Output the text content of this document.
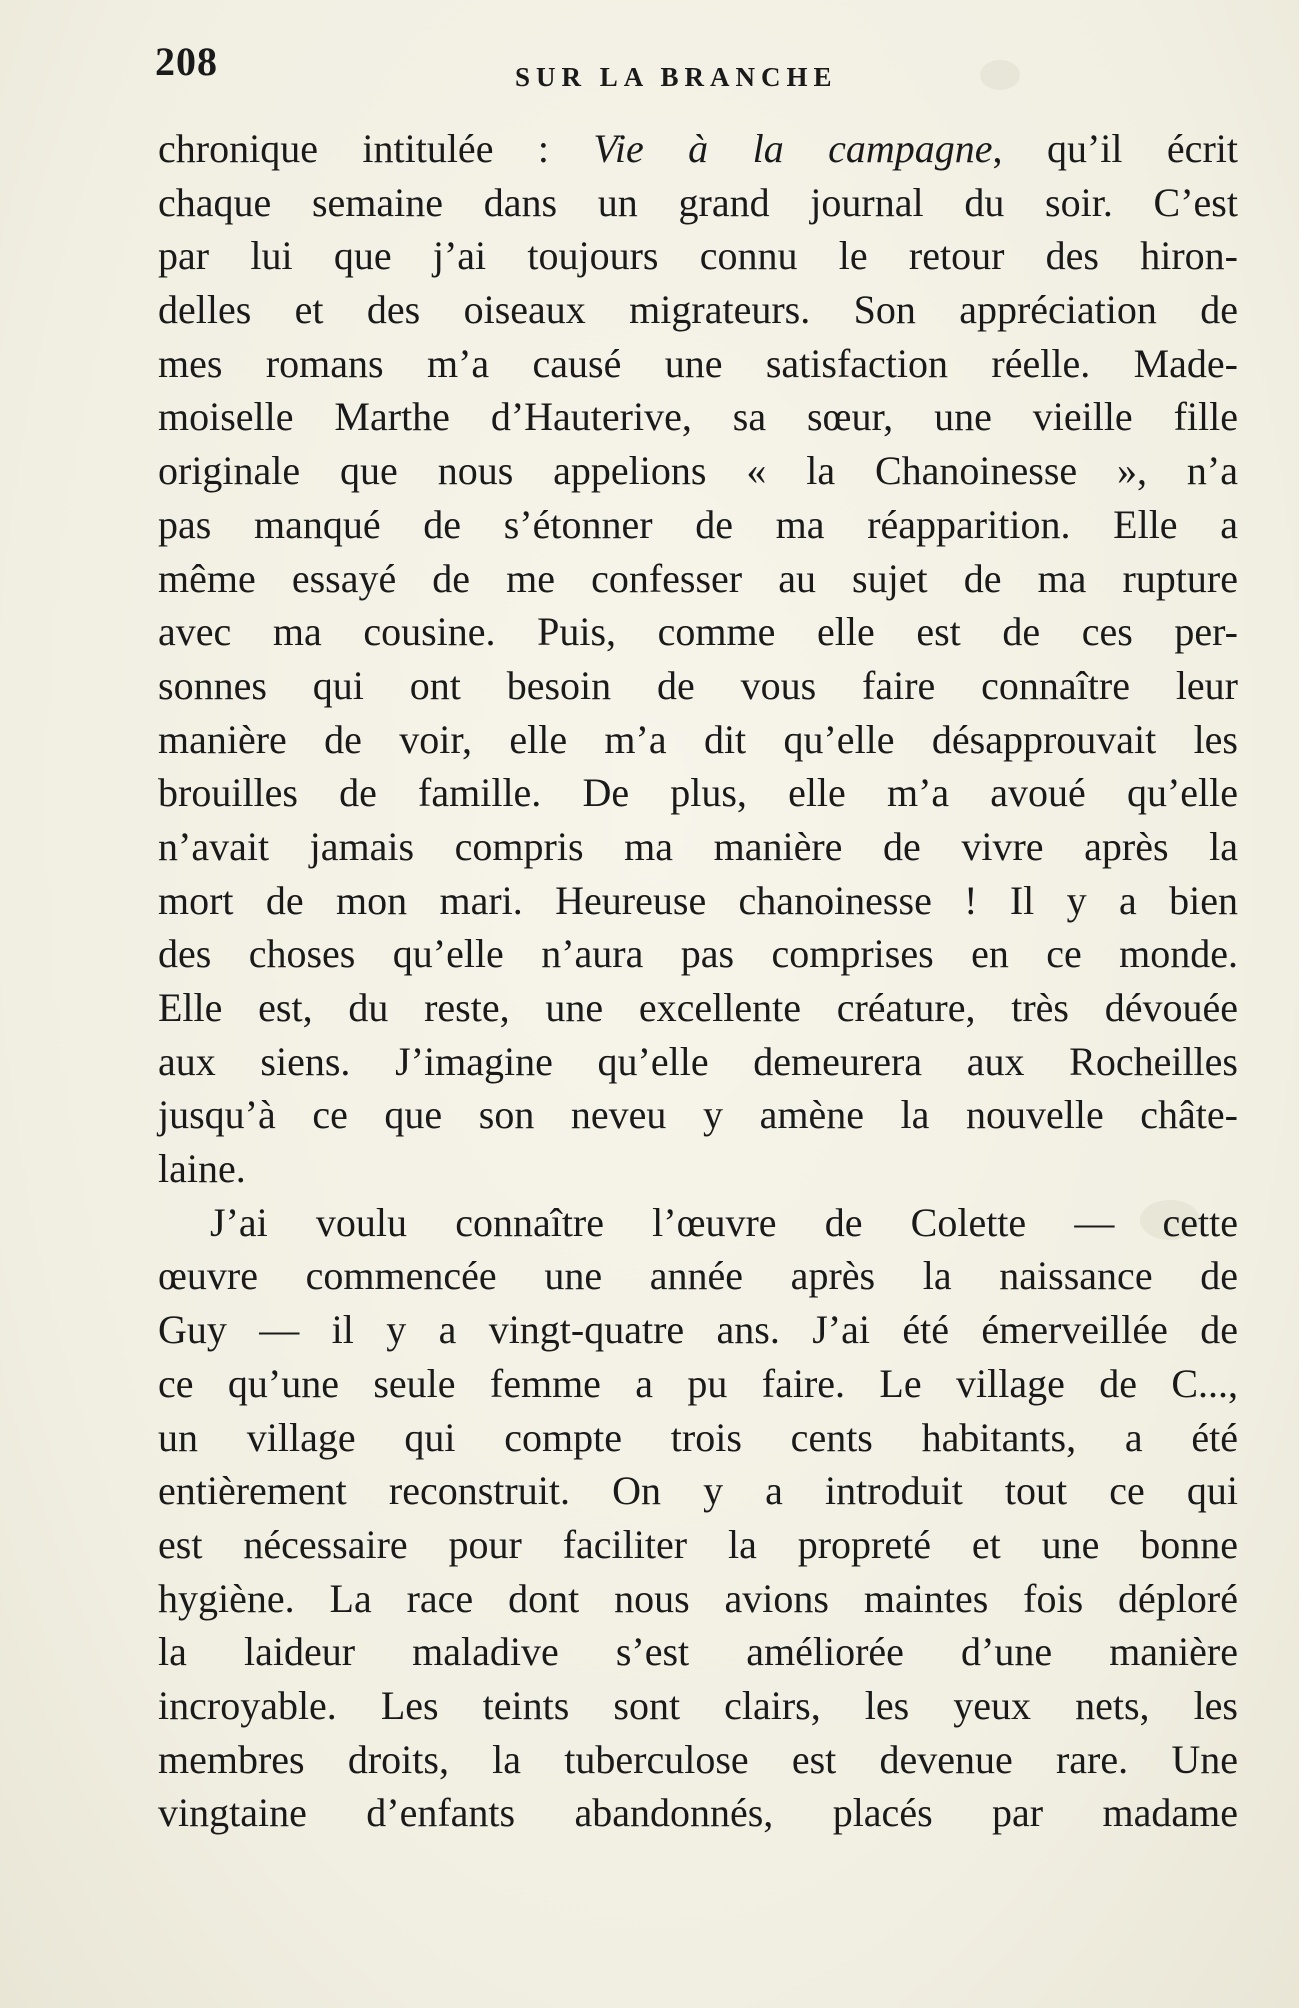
208	SUR LA BRANCHE
chronique intitulée : Vie à la campagne, qu’il écrit
chaque semaine dans un grand journal du soir. C’est
par lui que j’ai toujours connu le retour des hiron-
delles et des oiseaux migrateurs. Son appréciation de
mes romans m’a causé une satisfaction réelle. Made-
moiselle Marthe d’Hauterive, sa sœur, une vieille fille
originale que nous appelions « la Chanoinesse », n’a
pas manqué de s’étonner de ma réapparition. Elle a
même essayé de me confesser au sujet de ma rupture
avec ma cousine. Puis, comme elle est de ces per-
sonnes qui ont besoin de vous faire connaître leur
manière de voir, elle m’a dit qu’elle désapprouvait les
brouilles de famille. De plus, elle m’a avoué qu’elle
n’avait jamais compris ma manière de vivre après la
mort de mon mari. Heureuse chanoinesse ! Il y a bien
des choses qu’elle n’aura pas comprises en ce monde.
Elle est, du reste, une excellente créature, très dévouée
aux siens. J’imagine qu’elle demeurera aux Rocheilles
jusqu’à ce que son neveu y amène la nouvelle châte-
laine.
J’ai voulu connaître l’œuvre de Colette — cette
œuvre commencée une année après la naissance de
Guy — il y a vingt-quatre ans. J’ai été émerveillée de
ce qu’une seule femme a pu faire. Le village de C...,
un village qui compte trois cents habitants, a été
entièrement reconstruit. On y a introduit tout ce qui
est nécessaire pour faciliter la propreté et une bonne
hygiène. La race dont nous avions maintes fois déploré
la laideur maladive s’est améliorée d’une manière
incroyable. Les teints sont clairs, les yeux nets, les
membres droits, la tuberculose est devenue rare. Une
vingtaine d’enfants abandonnés, placés par madame
